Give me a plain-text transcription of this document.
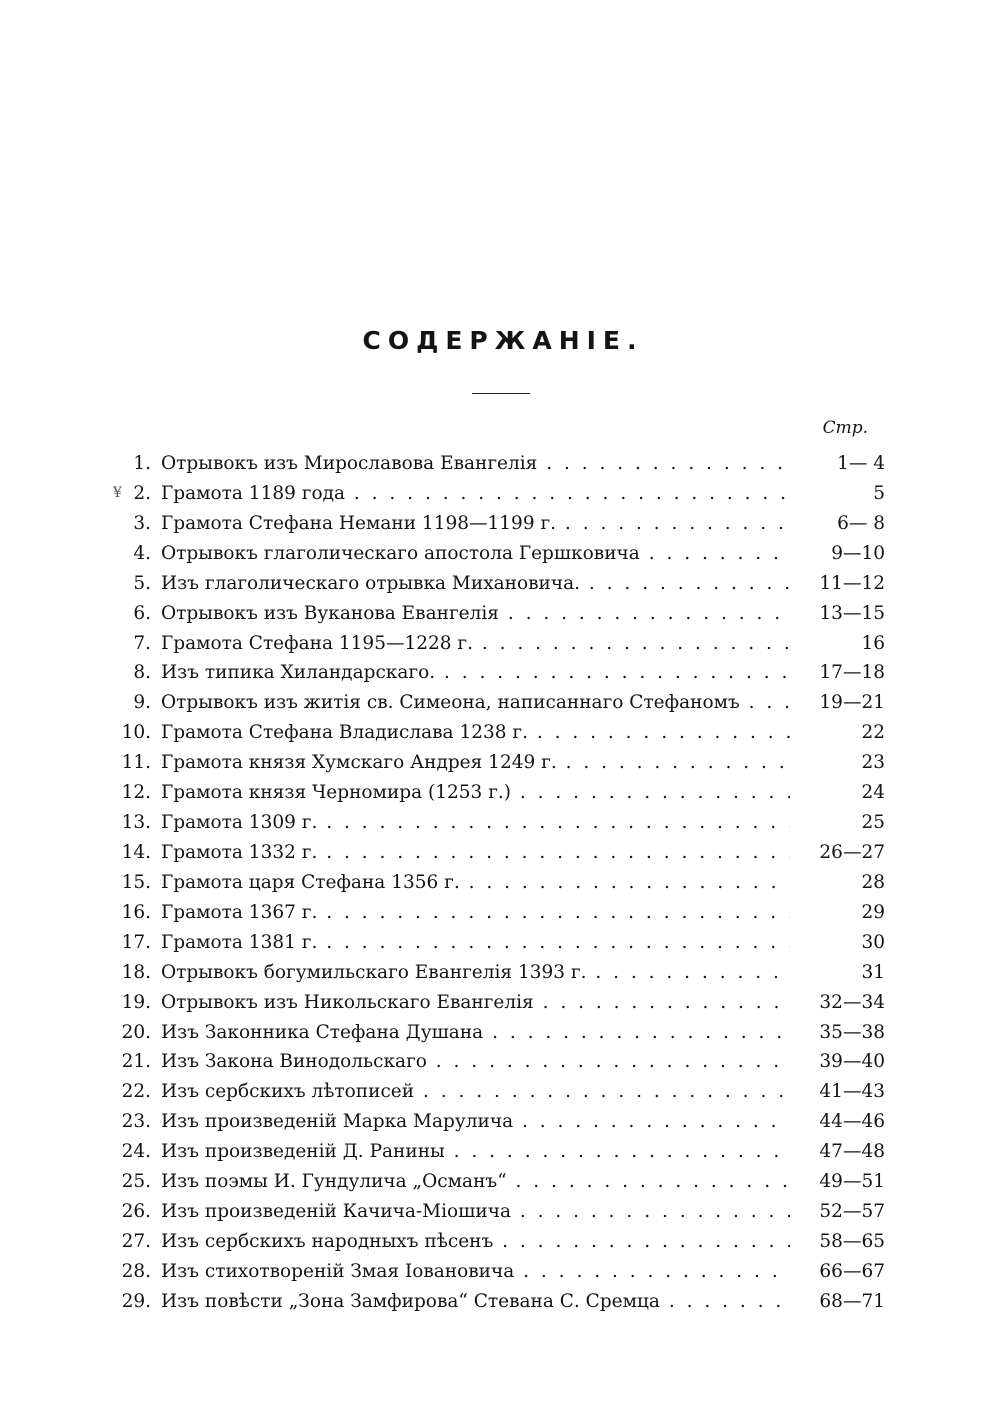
СОДЕРЖАНІЕ.
Стр.
1. Отрывокъ изъ Мирославова Евангелія . . .	1— 4
¥ 2. Грамота 1189 года . . .	5
3. Грамота Стефана Немани 1198—1199 г. . . .	6— 8
4. Отрывокъ глаголическаго апостола Гершковича . . .	9—10
5. Изъ глаголическаго отрывка Михановича. . . .	11—12
6. Отрывокъ изъ Вуканова Евангелія . . .	13—15
7. Грамота Стефана 1195—1228 г. . . .	16
8. Изъ типика Хиландарскаго. . . .	17—18
9. Отрывокъ изъ житія св. Симеона, написаннаго Стефаномъ . . .	19—21
10. Грамота Стефана Владислава 1238 г. . . .	22
11. Грамота князя Хумскаго Андрея 1249 г. . . .	23
12. Грамота князя Черномира (1253 г.) . . .	24
13. Грамота 1309 г. . . .	25
14. Грамота 1332 г. . . .	26—27
15. Грамота царя Стефана 1356 г. . . .	28
16. Грамота 1367 г. . . .	29
17. Грамота 1381 г. . . .	30
18. Отрывокъ богумильскаго Евангелія 1393 г. . . .	31
19. Отрывокъ изъ Никольскаго Евангелія . . .	32—34
20. Изъ Законника Стефана Душана . . .	35—38
21. Изъ Закона Винодольскаго . . .	39—40
22. Изъ сербскихъ лѣтописей . . .	41—43
23. Изъ произведеній Марка Марулича . . .	44—46
24. Изъ произведеній Д. Ранины . . .	47—48
25. Изъ поэмы И. Гундулича „Османъ“ . . .	49—51
26. Изъ произведеній Качича-Міошича . . .	52—57
27. Изъ сербскихъ народныхъ пѣсенъ . . .	58—65
28. Изъ стихотвореній Змая Іовановича . . .	66—67
29. Изъ повѣсти „Зона Замфирова“ Стевана С. Сремца . . .	68—71
